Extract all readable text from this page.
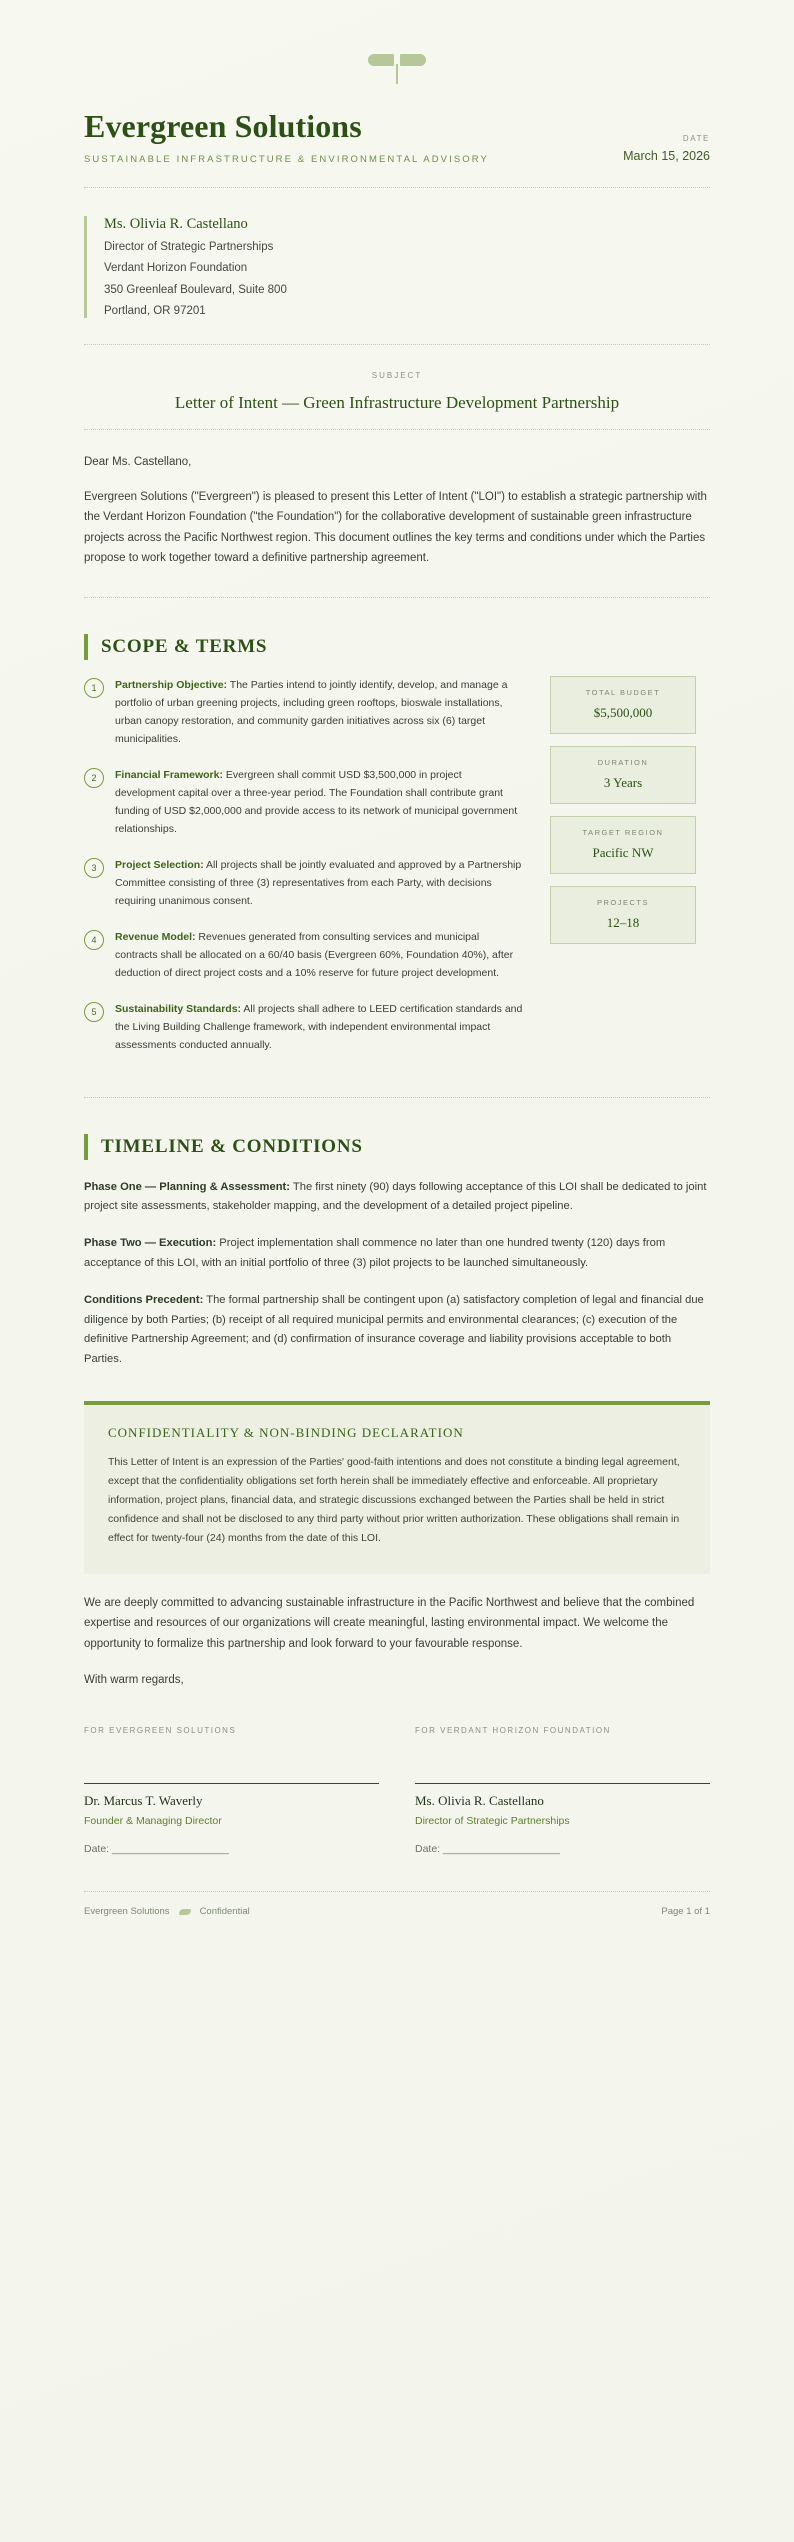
Evergreen Solutions
SUSTAINABLE INFRASTRUCTURE & ENVIRONMENTAL ADVISORY
DATE
March 15, 2026
Ms. Olivia R. Castellano
Director of Strategic Partnerships
Verdant Horizon Foundation
350 Greenleaf Boulevard, Suite 800
Portland, OR 97201
SUBJECT
Letter of Intent — Green Infrastructure Development Partnership
Dear Ms. Castellano,

Evergreen Solutions ("Evergreen") is pleased to present this Letter of Intent ("LOI") to establish a strategic partnership with the Verdant Horizon Foundation ("the Foundation") for the collaborative development of sustainable green infrastructure projects across the Pacific Northwest region. This document outlines the key terms and conditions under which the Parties propose to work together toward a definitive partnership agreement.

SCOPE & TERMS
1	Partnership Objective: The Parties intend to jointly identify, develop, and manage a portfolio of urban greening projects, including green rooftops, bioswale installations, urban canopy restoration, and community garden initiatives across six (6) target municipalities.
2	Financial Framework: Evergreen shall commit USD $3,500,000 in project development capital over a three-year period. The Foundation shall contribute grant funding of USD $2,000,000 and provide access to its network of municipal government relationships.
3	Project Selection: All projects shall be jointly evaluated and approved by a Partnership Committee consisting of three (3) representatives from each Party, with decisions requiring unanimous consent.
4	Revenue Model: Revenues generated from consulting services and municipal contracts shall be allocated on a 60/40 basis (Evergreen 60%, Foundation 40%), after deduction of direct project costs and a 10% reserve for future project development.
5	Sustainability Standards: All projects shall adhere to LEED certification standards and the Living Building Challenge framework, with independent environmental impact assessments conducted annually.
TOTAL BUDGET
$5,500,000
DURATION
3 Years
TARGET REGION
Pacific NW
PROJECTS
12–18
TIMELINE & CONDITIONS

Phase One — Planning & Assessment: The first ninety (90) days following acceptance of this LOI shall be dedicated to joint project site assessments, stakeholder mapping, and the development of a detailed project pipeline.

Phase Two — Execution: Project implementation shall commence no later than one hundred twenty (120) days from acceptance of this LOI, with an initial portfolio of three (3) pilot projects to be launched simultaneously.

Conditions Precedent: The formal partnership shall be contingent upon (a) satisfactory completion of legal and financial due diligence by both Parties; (b) receipt of all required municipal permits and environmental clearances; (c) execution of the definitive Partnership Agreement; and (d) confirmation of insurance coverage and liability provisions acceptable to both Parties.

CONFIDENTIALITY & NON-BINDING DECLARATION
This Letter of Intent is an expression of the Parties' good-faith intentions and does not constitute a binding legal agreement, except that the confidentiality obligations set forth herein shall be immediately effective and enforceable. All proprietary information, project plans, financial data, and strategic discussions exchanged between the Parties shall be held in strict confidence and shall not be disclosed to any third party without prior written authorization. These obligations shall remain in effect for twenty-four (24) months from the date of this LOI.

We are deeply committed to advancing sustainable infrastructure in the Pacific Northwest and believe that the combined expertise and resources of our organizations will create meaningful, lasting environmental impact. We welcome the opportunity to formalize this partnership and look forward to your favourable response.

With warm regards,
FOR EVERGREEN SOLUTIONS
Dr. Marcus T. Waverly
Founder & Managing Director
Date: ____________________
FOR VERDANT HORIZON FOUNDATION
Ms. Olivia R. Castellano
Director of Strategic Partnerships
Date: ____________________
Evergreen Solutions	Confidential	Page 1 of 1
